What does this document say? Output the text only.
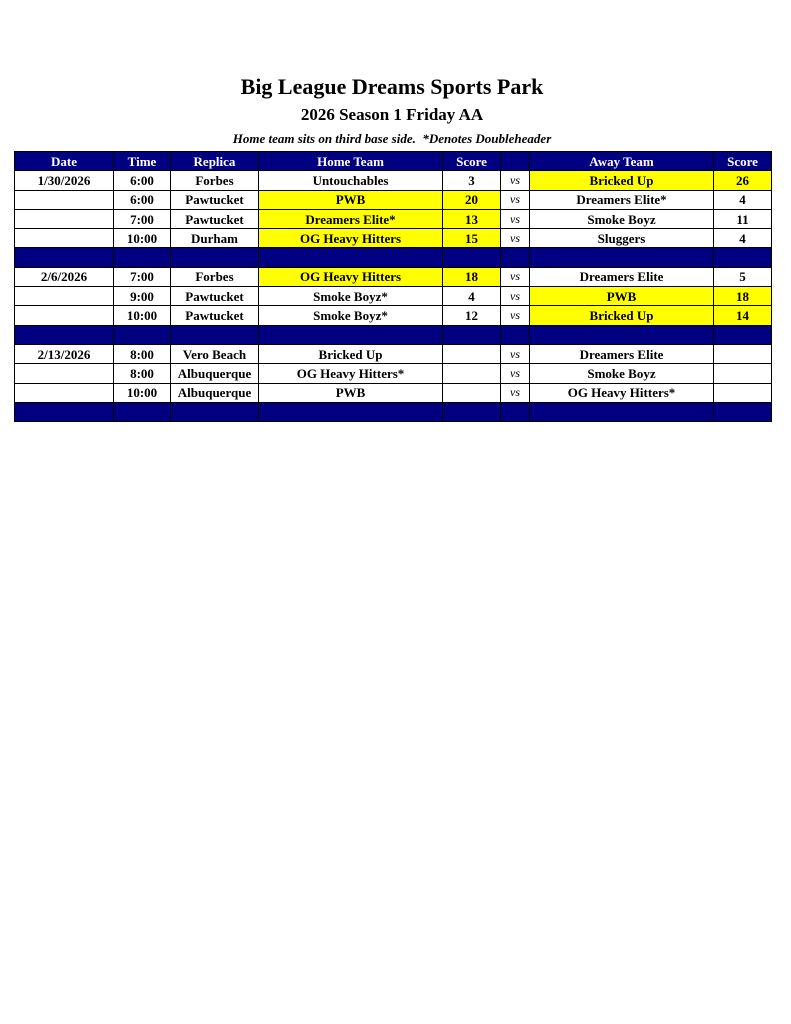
Big League Dreams Sports Park
2026 Season 1 Friday AA
Home team sits on third base side.  *Denotes Doubleheader
Date	Time	Replica	Home Team	Score		Away Team	Score
1/30/2026	6:00	Forbes	Untouchables	3	vs	Bricked Up	26
	6:00	Pawtucket	PWB	20	vs	Dreamers Elite*	4
	7:00	Pawtucket	Dreamers Elite*	13	vs	Smoke Boyz	11
	10:00	Durham	OG Heavy Hitters	15	vs	Sluggers	4

2/6/2026	7:00	Forbes	OG Heavy Hitters	18	vs	Dreamers Elite	5
	9:00	Pawtucket	Smoke Boyz*	4	vs	PWB	18
	10:00	Pawtucket	Smoke Boyz*	12	vs	Bricked Up	14

2/13/2026	8:00	Vero Beach	Bricked Up		vs	Dreamers Elite	
	8:00	Albuquerque	OG Heavy Hitters*		vs	Smoke Boyz	
	10:00	Albuquerque	PWB		vs	OG Heavy Hitters*	
